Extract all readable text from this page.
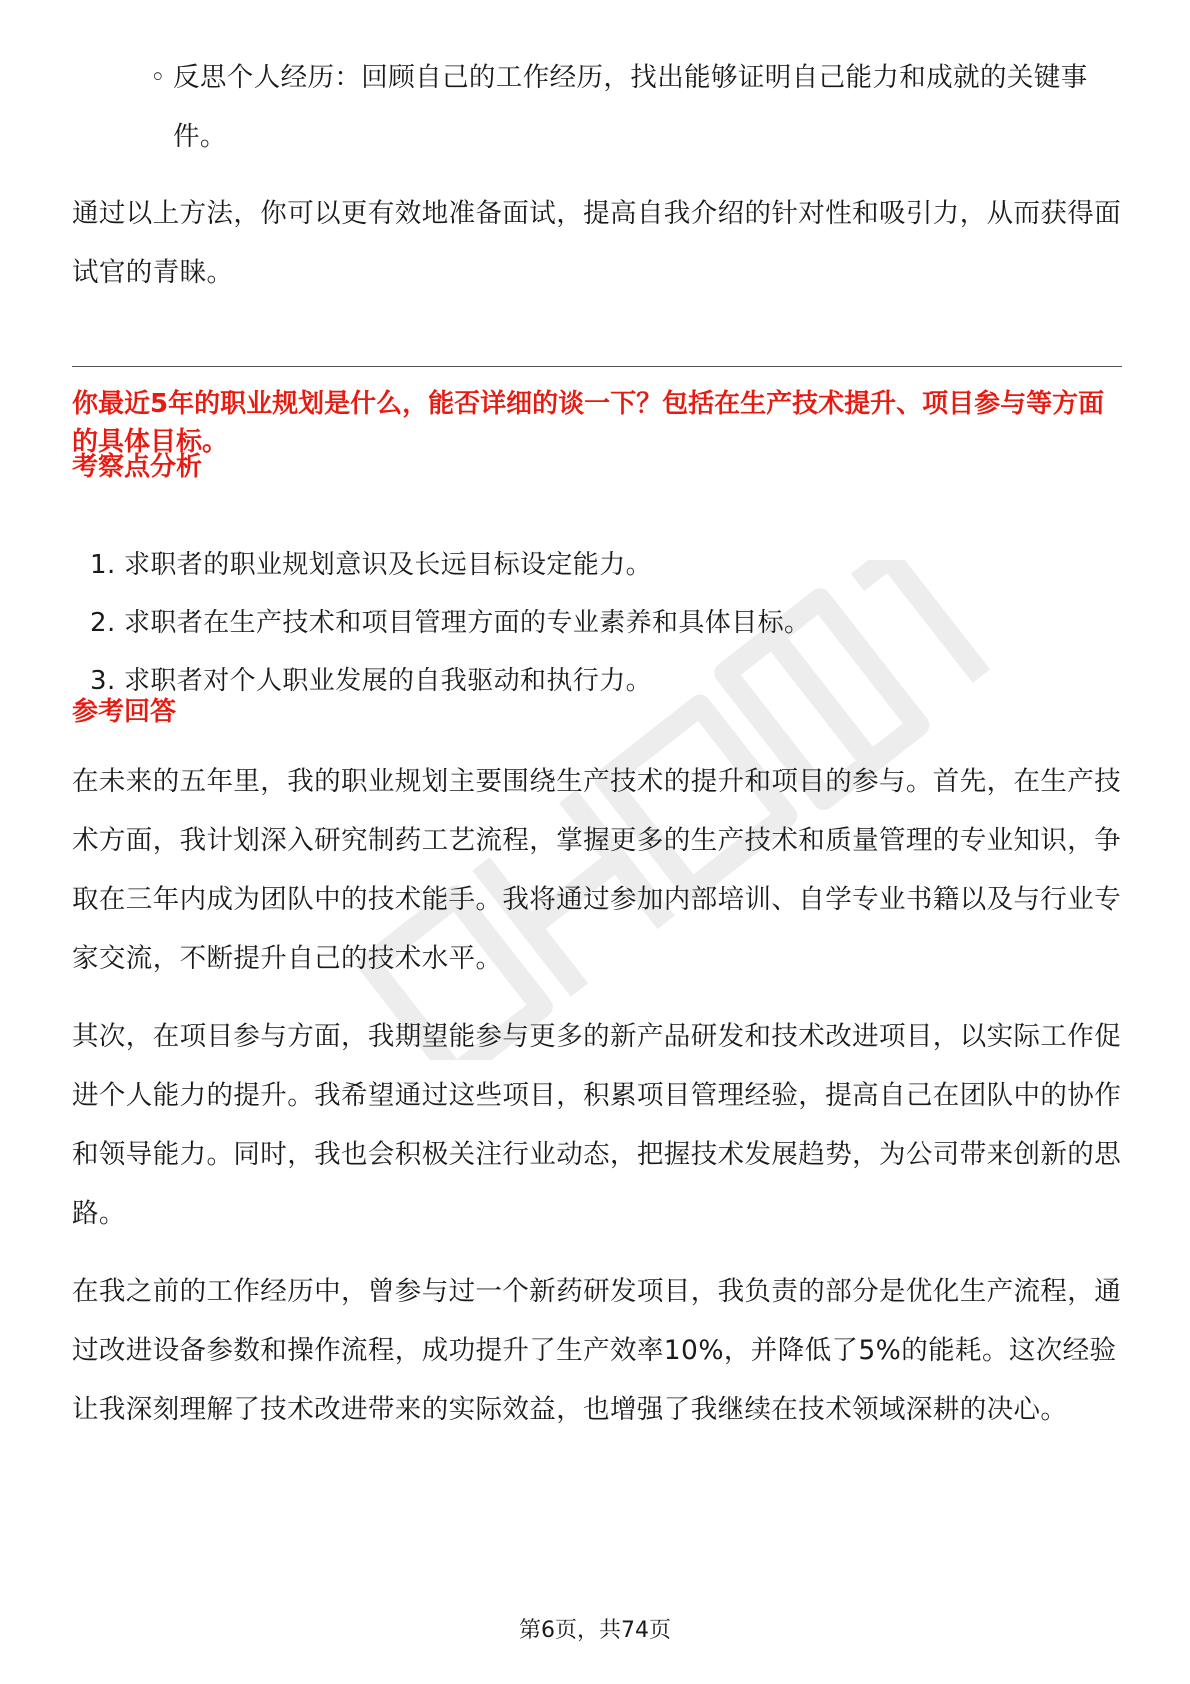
◦ 反思个人经历：回顾自己的工作经历，找出能够证明自己能力和成就的关键事件。

通过以上方法，你可以更有效地准备面试，提高自我介绍的针对性和吸引力，从而获得面试官的青睐。

你最近5年的职业规划是什么，能否详细的谈一下？包括在生产技术提升、项目参与等方面的具体目标。

考察点分析

1. 求职者的职业规划意识及长远目标设定能力。
2. 求职者在生产技术和项目管理方面的专业素养和具体目标。
3. 求职者对个人职业发展的自我驱动和执行力。

参考回答

在未来的五年里，我的职业规划主要围绕生产技术的提升和项目的参与。首先，在生产技术方面，我计划深入研究制药工艺流程，掌握更多的生产技术和质量管理的专业知识，争取在三年内成为团队中的技术能手。我将通过参加内部培训、自学专业书籍以及与行业专家交流，不断提升自己的技术水平。

其次，在项目参与方面，我期望能参与更多的新产品研发和技术改进项目，以实际工作促进个人能力的提升。我希望通过这些项目，积累项目管理经验，提高自己在团队中的协作和领导能力。同时，我也会积极关注行业动态，把握技术发展趋势，为公司带来创新的思路。

在我之前的工作经历中，曾参与过一个新药研发项目，我负责的部分是优化生产流程，通过改进设备参数和操作流程，成功提升了生产效率10%，并降低了5%的能耗。这次经验让我深刻理解了技术改进带来的实际效益，也增强了我继续在技术领域深耕的决心。

第6页，共74页
